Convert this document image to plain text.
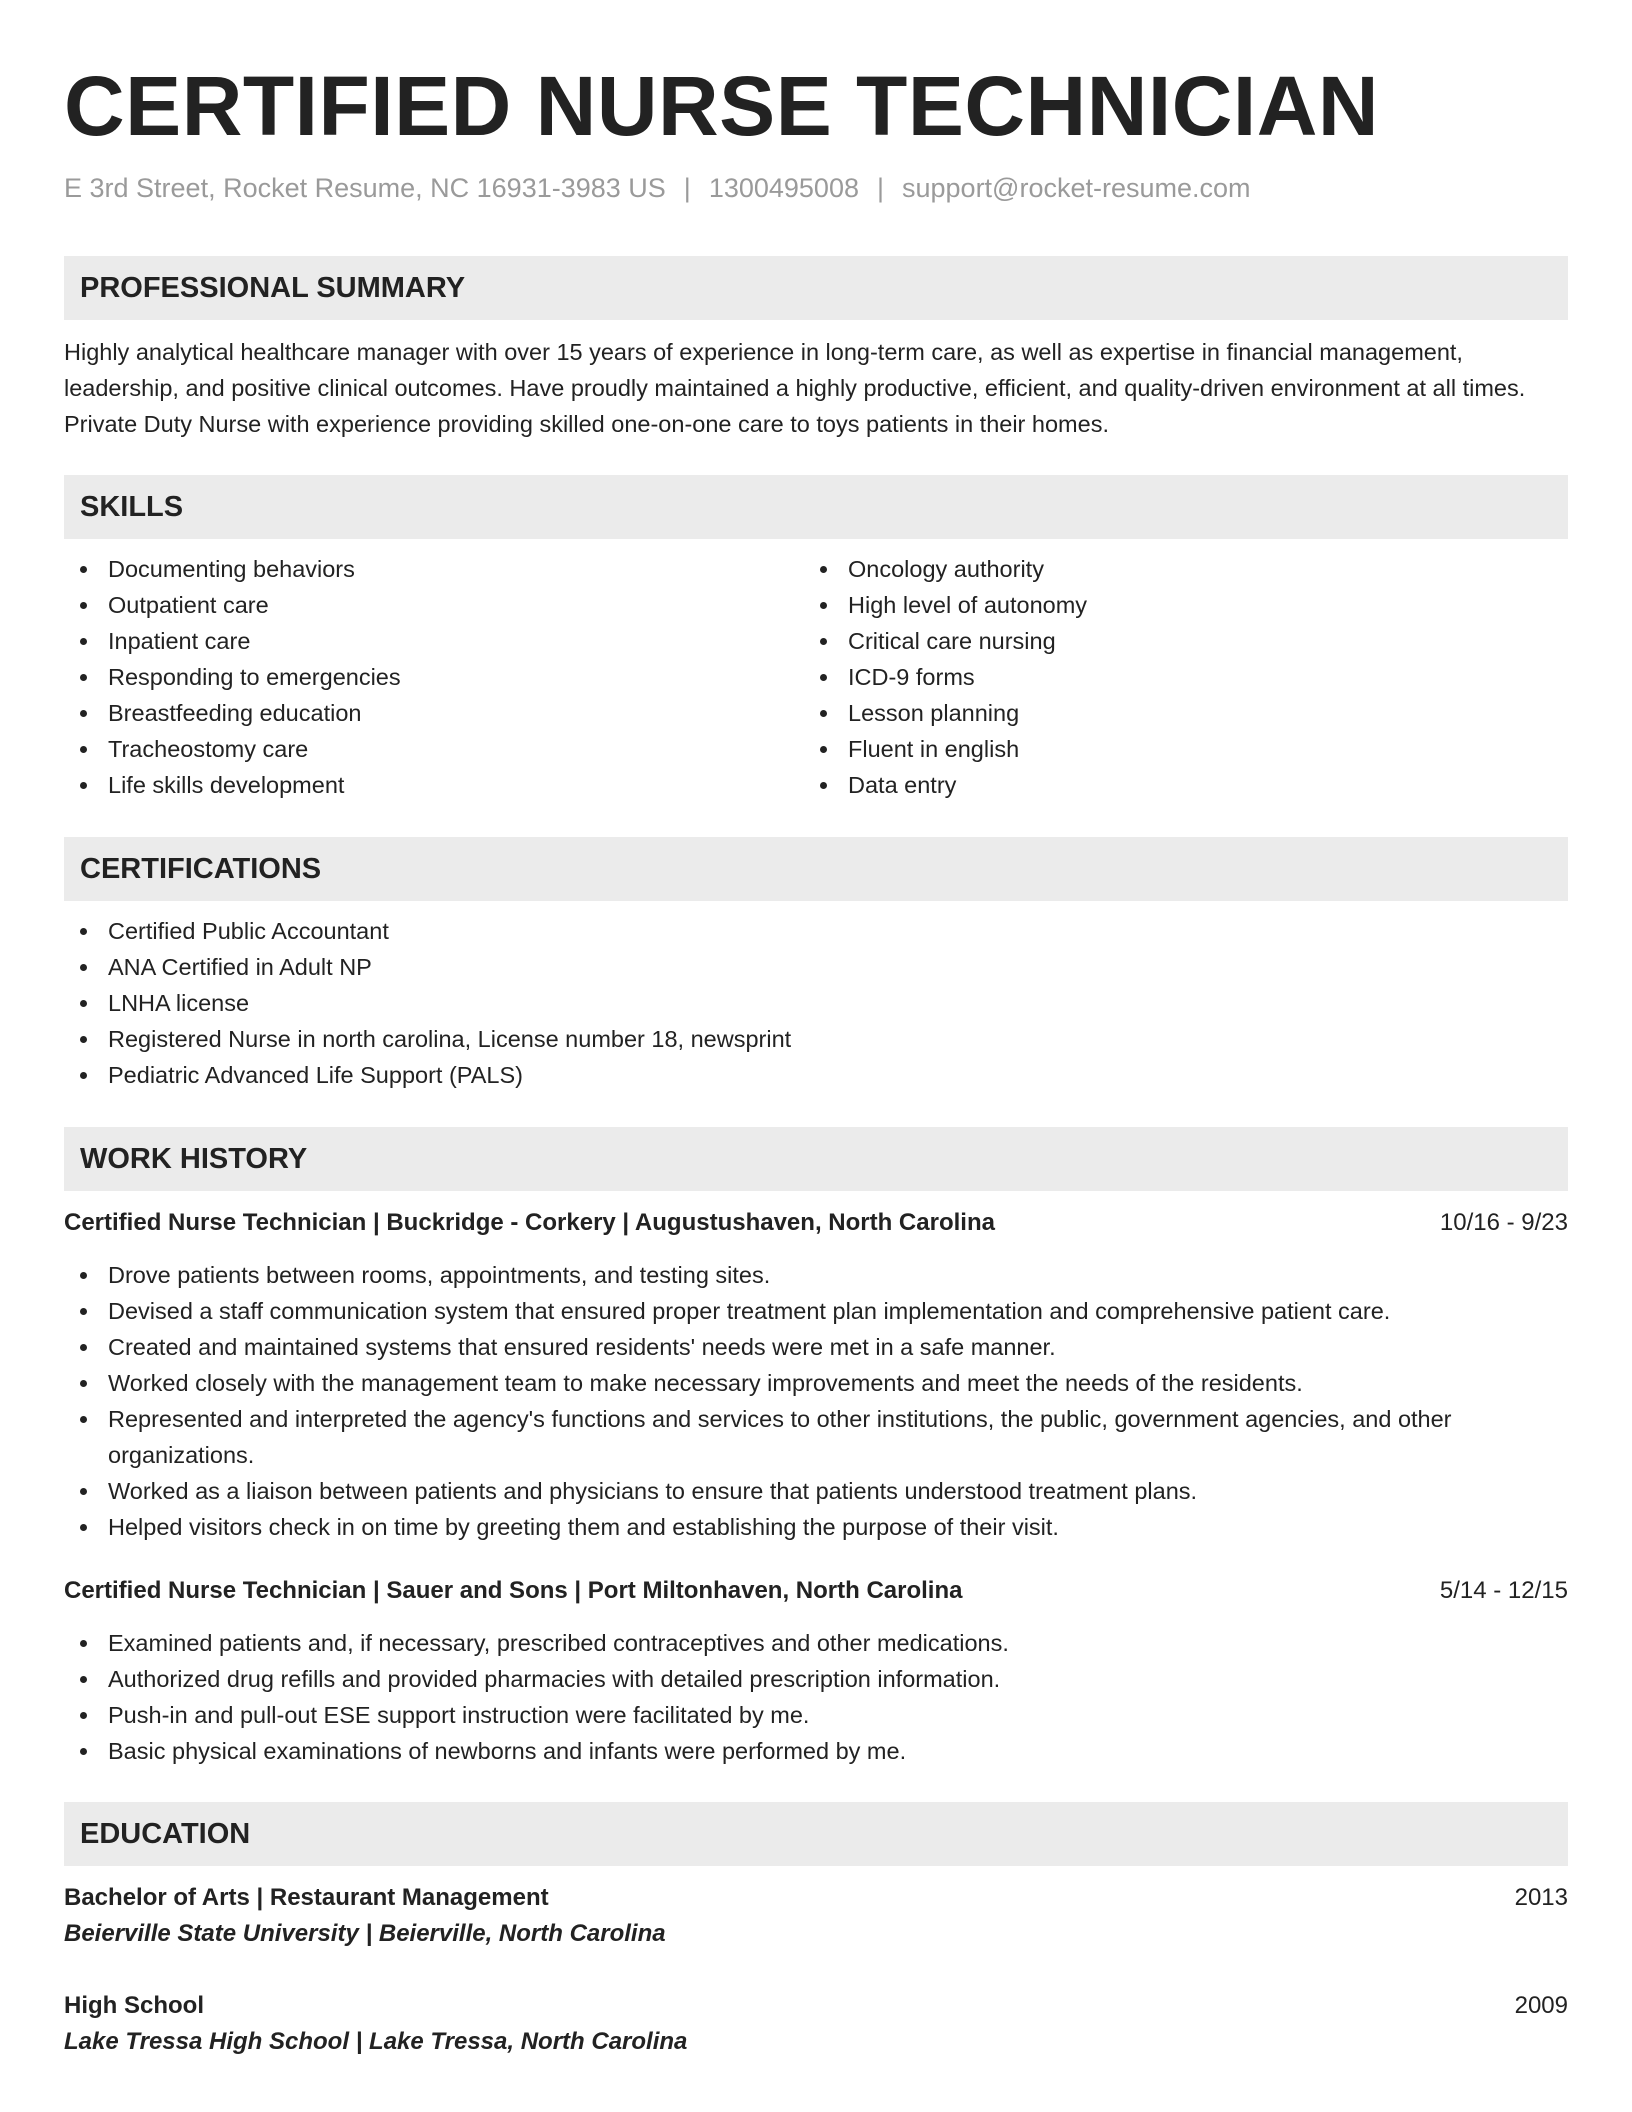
CERTIFIED NURSE TECHNICIAN
E 3rd Street, Rocket Resume, NC 16931-3983 US | 1300495008 | support@rocket-resume.com
PROFESSIONAL SUMMARY

Highly analytical healthcare manager with over 15 years of experience in long-term care, as well as expertise in financial management, leadership, and positive clinical outcomes. Have proudly maintained a highly productive, efficient, and quality-driven environment at all times. Private Duty Nurse with experience providing skilled one-on-one care to toys patients in their homes.

SKILLS
Documenting behaviors
Outpatient care
Inpatient care
Responding to emergencies
Breastfeeding education
Tracheostomy care
Life skills development
Oncology authority
High level of autonomy
Critical care nursing
ICD-9 forms
Lesson planning
Fluent in english
Data entry
CERTIFICATIONS
Certified Public Accountant
ANA Certified in Adult NP
LNHA license
Registered Nurse in north carolina, License number 18, newsprint
Pediatric Advanced Life Support (PALS)
WORK HISTORY
Certified Nurse Technician | Buckridge - Corkery | Augustushaven, North Carolina	10/16 - 9/23
Drove patients between rooms, appointments, and testing sites.
Devised a staff communication system that ensured proper treatment plan implementation and comprehensive patient care.
Created and maintained systems that ensured residents' needs were met in a safe manner.
Worked closely with the management team to make necessary improvements and meet the needs of the residents.
Represented and interpreted the agency's functions and services to other institutions, the public, government agencies, and other organizations.
Worked as a liaison between patients and physicians to ensure that patients understood treatment plans.
Helped visitors check in on time by greeting them and establishing the purpose of their visit.
Certified Nurse Technician | Sauer and Sons | Port Miltonhaven, North Carolina	5/14 - 12/15
Examined patients and, if necessary, prescribed contraceptives and other medications.
Authorized drug refills and provided pharmacies with detailed prescription information.
Push-in and pull-out ESE support instruction were facilitated by me.
Basic physical examinations of newborns and infants were performed by me.
EDUCATION
Bachelor of Arts | Restaurant Management	2013
Beierville State University | Beierville, North Carolina
High School	2009
Lake Tressa High School | Lake Tressa, North Carolina
